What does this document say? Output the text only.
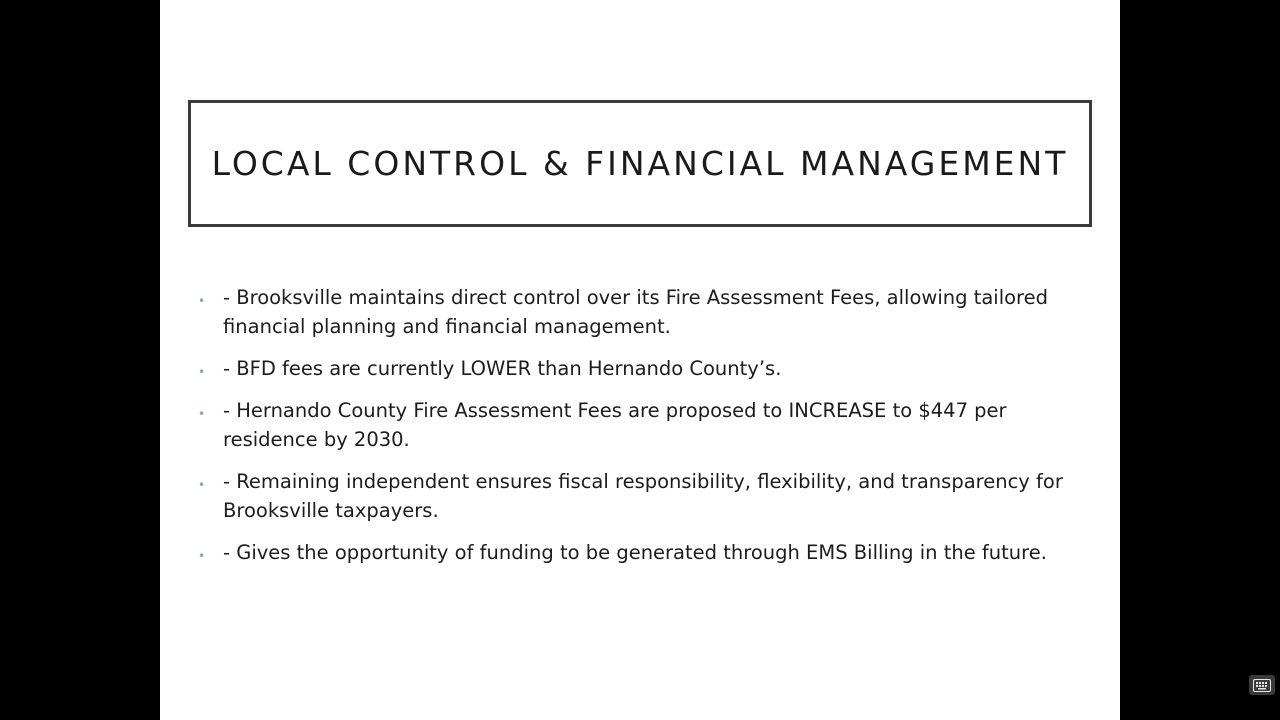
LOCAL CONTROL & FINANCIAL MANAGEMENT
• - Brooksville maintains direct control over its Fire Assessment Fees, allowing tailored financial planning and financial management.
• - BFD fees are currently LOWER than Hernando County’s.
• - Hernando County Fire Assessment Fees are proposed to INCREASE to $447 per residence by 2030.
• - Remaining independent ensures fiscal responsibility, flexibility, and transparency for Brooksville taxpayers.
• - Gives the opportunity of funding to be generated through EMS Billing in the future.
